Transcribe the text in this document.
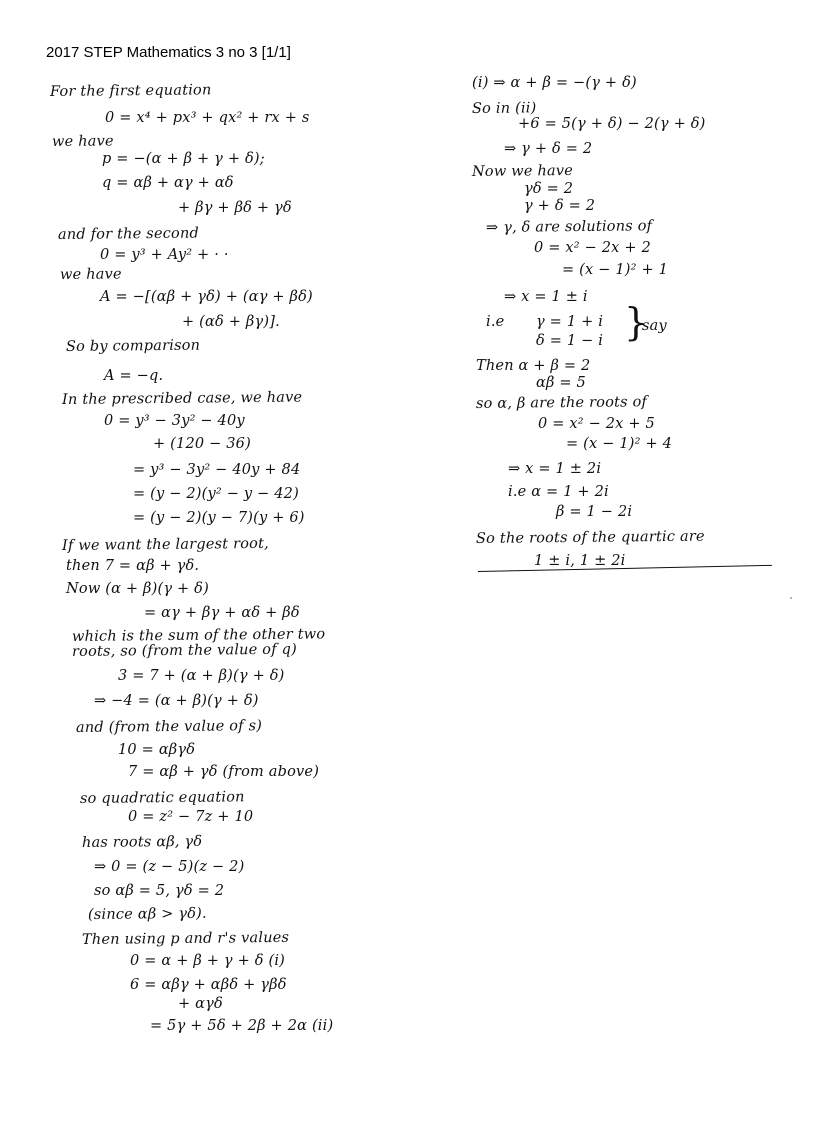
2017 STEP Mathematics 3 no 3 [1/1]
For the first equation
0 = x⁴ + px³ + qx² + rx + s
we have
p = −(α + β + γ + δ);
q = αβ + αγ + αδ
+ βγ + βδ + γδ
and for the second
0 = y³ + Ay² + · ·
we have
A = −[(αβ + γδ) + (αγ + βδ)
+ (αδ + βγ)].
So by comparison
A = −q.
In the prescribed case, we have
0 = y³ − 3y² − 40y
+ (120 − 36)
= y³ − 3y² − 40y + 84
= (y − 2)(y² − y − 42)
= (y − 2)(y − 7)(y + 6)
If we want the largest root,
then 7 = αβ + γδ.
Now (α + β)(γ + δ)
= αγ + βγ + αδ + βδ
which is the sum of the other two
roots, so (from the value of q)
3 = 7 + (α + β)(γ + δ)
⇒ −4 = (α + β)(γ + δ)
and (from the value of s)
10 = αβγδ
7 = αβ + γδ (from above)
so quadratic equation
0 = z² − 7z + 10
has roots αβ, γδ
⇒ 0 = (z − 5)(z − 2)
so αβ = 5, γδ = 2
(since αβ > γδ).
Then using p and r's values
0 = α + β + γ + δ (i)
6 = αβγ + αβδ + γβδ
+ αγδ
= 5γ + 5δ + 2β + 2α (ii)
(i) ⇒ α + β = −(γ + δ)
So in (ii)
+6 = 5(γ + δ) − 2(γ + δ)
⇒ γ + δ = 2
Now we have
γδ = 2
γ + δ = 2
⇒ γ, δ are solutions of
0 = x² − 2x + 2
= (x − 1)² + 1
⇒ x = 1 ± i
i.e γ = 1 + i
δ = 1 − i }
say
Then α + β = 2
αβ = 5
so α, β are the roots of
0 = x² − 2x + 5
= (x − 1)² + 4
⇒ x = 1 ± 2i
i.e α = 1 + 2i
β = 1 − 2i
So the roots of the quartic are
1 ± i, 1 ± 2i
